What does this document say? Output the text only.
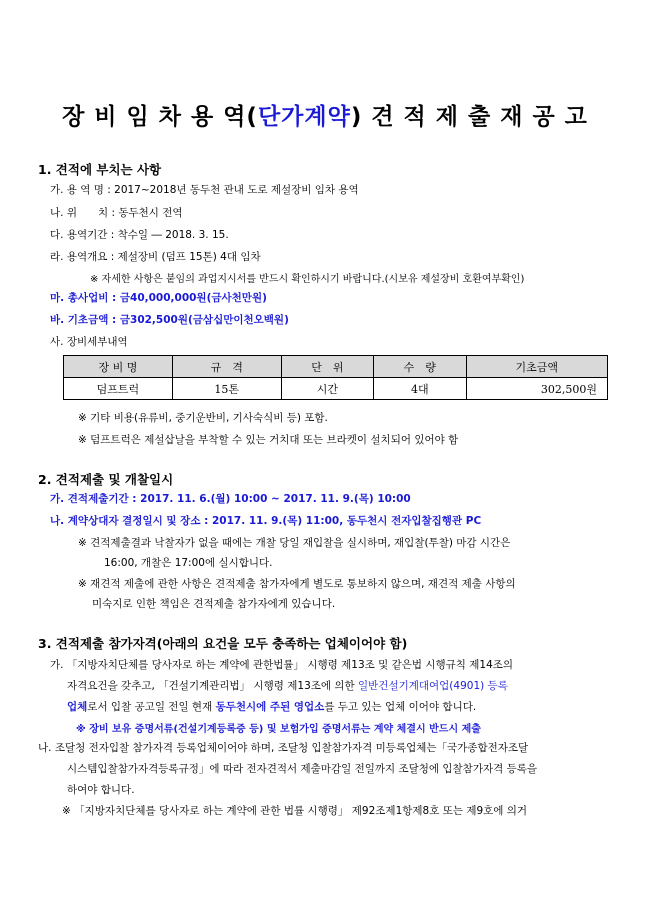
장 비 임 차 용 역(단가계약) 견 적 제 출 재 공 고
1. 견적에 부치는 사항
가. 용 역 명 : 2017~2018년 동두천 관내 도로 제설장비 임차 용역
나. 위　　치 : 동두천시 전역
다. 용역기간 : 착수일 ― 2018. 3. 15.
라. 용역개요 : 제설장비 (덤프 15톤) 4대 임차
※ 자세한 사항은 붙임의 과업지시서를 반드시 확인하시기 바랍니다.(시보유 제설장비 호환여부확인)
마. 총사업비 : 금40,000,000원(금사천만원)
바. 기초금액 : 금302,500원(금삼십만이천오백원)
사. 장비세부내역
장 비 명	규　격	단　위	수　량	기초금액
덤프트럭	15톤	시간	4대	302,500원
※ 기타 비용(유류비, 중기운반비, 기사숙식비 등) 포함.
※ 덤프트럭은 제설삽날을 부착할 수 있는 거치대 또는 브라켓이 설치되어 있어야 함
2. 견적제출 및 개찰일시
가. 견적제출기간 : 2017. 11. 6.(월) 10:00 ~ 2017. 11. 9.(목) 10:00
나. 계약상대자 결정일시 및 장소 : 2017. 11. 9.(목) 11:00, 동두천시 전자입찰집행관 PC
※ 견적제출결과 낙찰자가 없을 때에는 개찰 당일 재입찰을 실시하며, 재입찰(투찰) 마감 시간은
16:00, 개찰은 17:00에 실시합니다.
※ 재견적 제출에 관한 사항은 견적제출 참가자에게 별도로 통보하지 않으며, 재견적 제출 사항의
미숙지로 인한 책임은 견적제출 참가자에게 있습니다.
3. 견적제출 참가자격(아래의 요건을 모두 충족하는 업체이어야 함)
가. 「지방자치단체를 당사자로 하는 계약에 관한법률」 시행령 제13조 및 같은법 시행규칙 제14조의
자격요건을 갖추고, 「건설기계관리법」 시행령 제13조에 의한 일반건설기계대여업(4901) 등록
업체로서 입찰 공고일 전일 현재 동두천시에 주된 영업소를 두고 있는 업체 이어야 합니다.
※ 장비 보유 증명서류(건설기계등록증 등) 및 보험가입 증명서류는 계약 체결시 반드시 제출
나. 조달청 전자입찰 참가자격 등록업체이어야 하며, 조달청 입찰참가자격 미등록업체는「국가종합전자조달
시스템입찰참가자격등록규정」에 따라 전자견적서 제출마감일 전일까지 조달청에 입찰참가자격 등록을
하여야 합니다.
※ 「지방자치단체를 당사자로 하는 계약에 관한 법률 시행령」 제92조제1항제8호 또는 제9호에 의거
